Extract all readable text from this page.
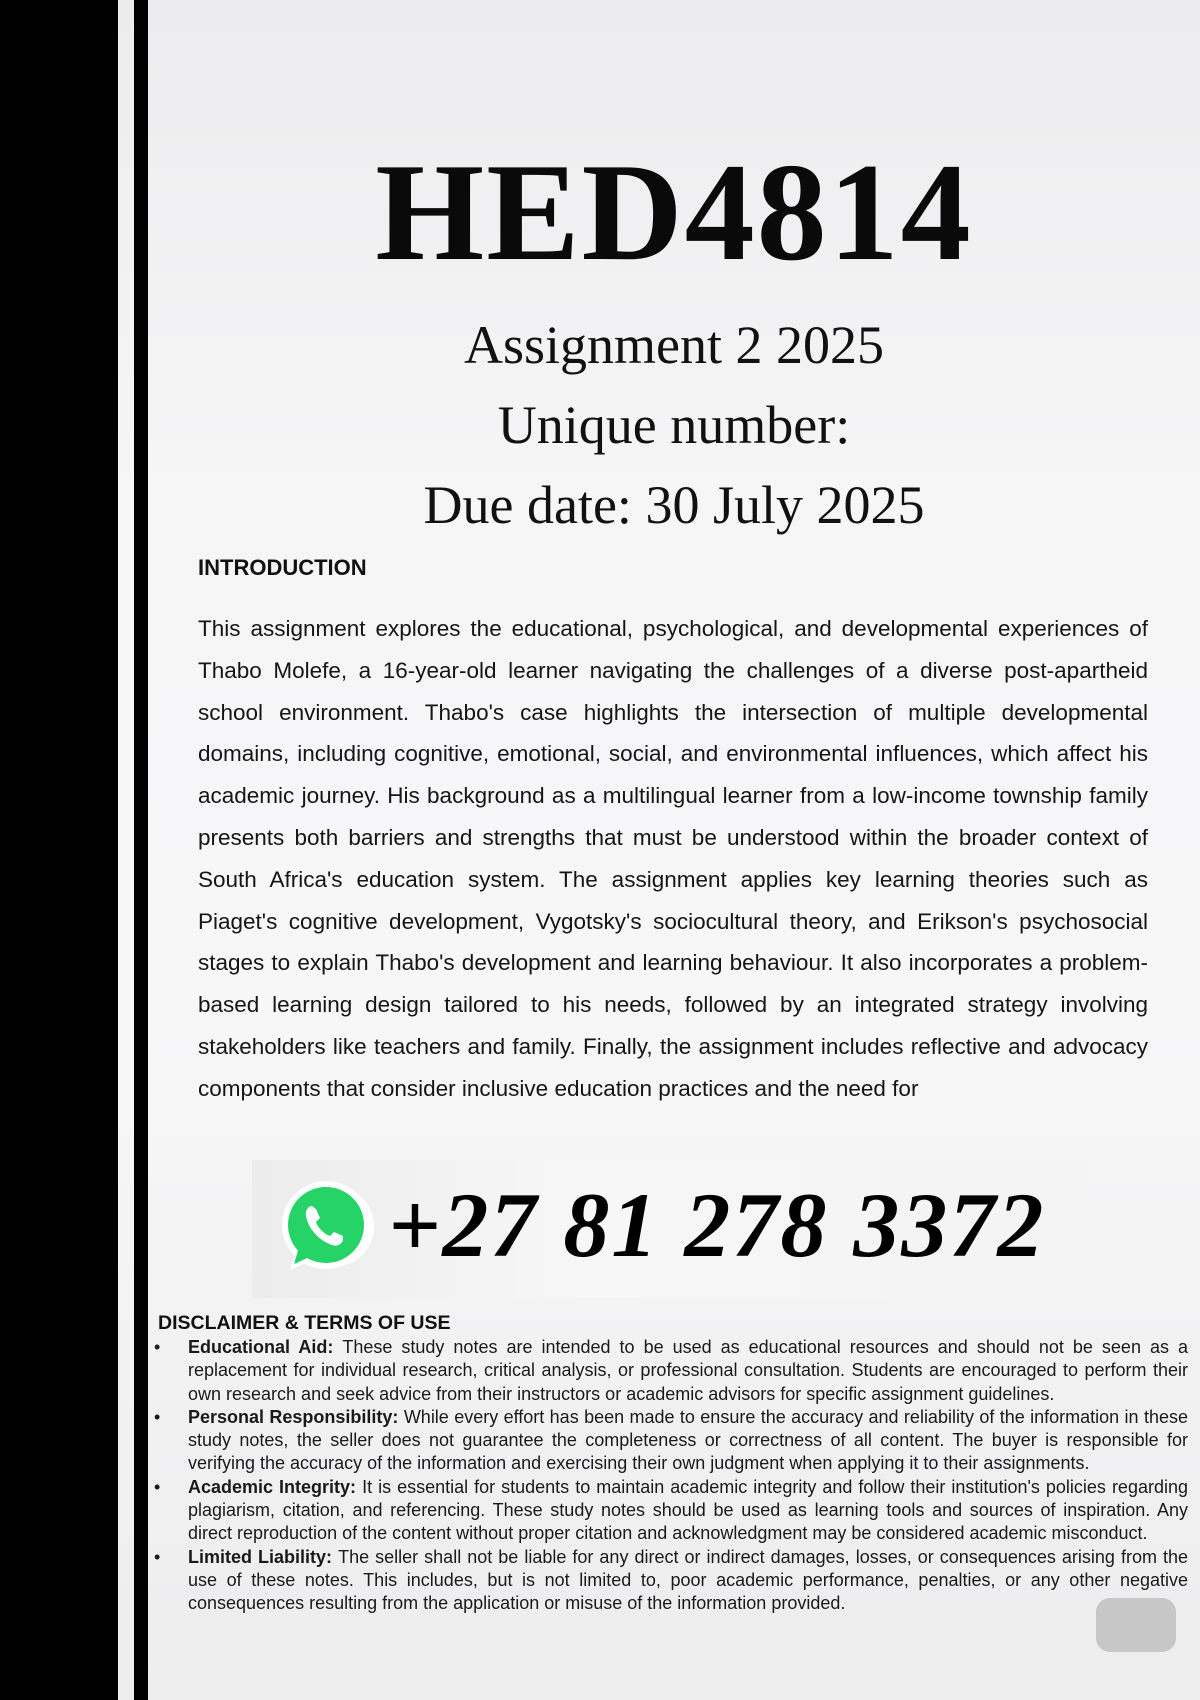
HED4814
Assignment 2 2025
Unique number:
Due date: 30 July 2025
INTRODUCTION

This assignment explores the educational, psychological, and developmental experiences of Thabo Molefe, a 16-year-old learner navigating the challenges of a diverse post-apartheid school environment. Thabo's case highlights the intersection of multiple developmental domains, including cognitive, emotional, social, and environmental influences, which affect his academic journey. His background as a multilingual learner from a low-income township family presents both barriers and strengths that must be understood within the broader context of South Africa's education system. The assignment applies key learning theories such as Piaget's cognitive development, Vygotsky's sociocultural theory, and Erikson's psychosocial stages to explain Thabo's development and learning behaviour. It also incorporates a problem-based learning design tailored to his needs, followed by an integrated strategy involving stakeholders like teachers and family. Finally, the assignment includes reflective and advocacy components that consider inclusive education practices and the need for

+27 81 278 3372
DISCLAIMER & TERMS OF USE
• Educational Aid: These study notes are intended to be used as educational resources and should not be seen as a replacement for individual research, critical analysis, or professional consultation. Students are encouraged to perform their own research and seek advice from their instructors or academic advisors for specific assignment guidelines.
• Personal Responsibility: While every effort has been made to ensure the accuracy and reliability of the information in these study notes, the seller does not guarantee the completeness or correctness of all content. The buyer is responsible for verifying the accuracy of the information and exercising their own judgment when applying it to their assignments.
• Academic Integrity: It is essential for students to maintain academic integrity and follow their institution's policies regarding plagiarism, citation, and referencing. These study notes should be used as learning tools and sources of inspiration. Any direct reproduction of the content without proper citation and acknowledgment may be considered academic misconduct.
• Limited Liability: The seller shall not be liable for any direct or indirect damages, losses, or consequences arising from the use of these notes. This includes, but is not limited to, poor academic performance, penalties, or any other negative consequences resulting from the application or misuse of the information provided.
